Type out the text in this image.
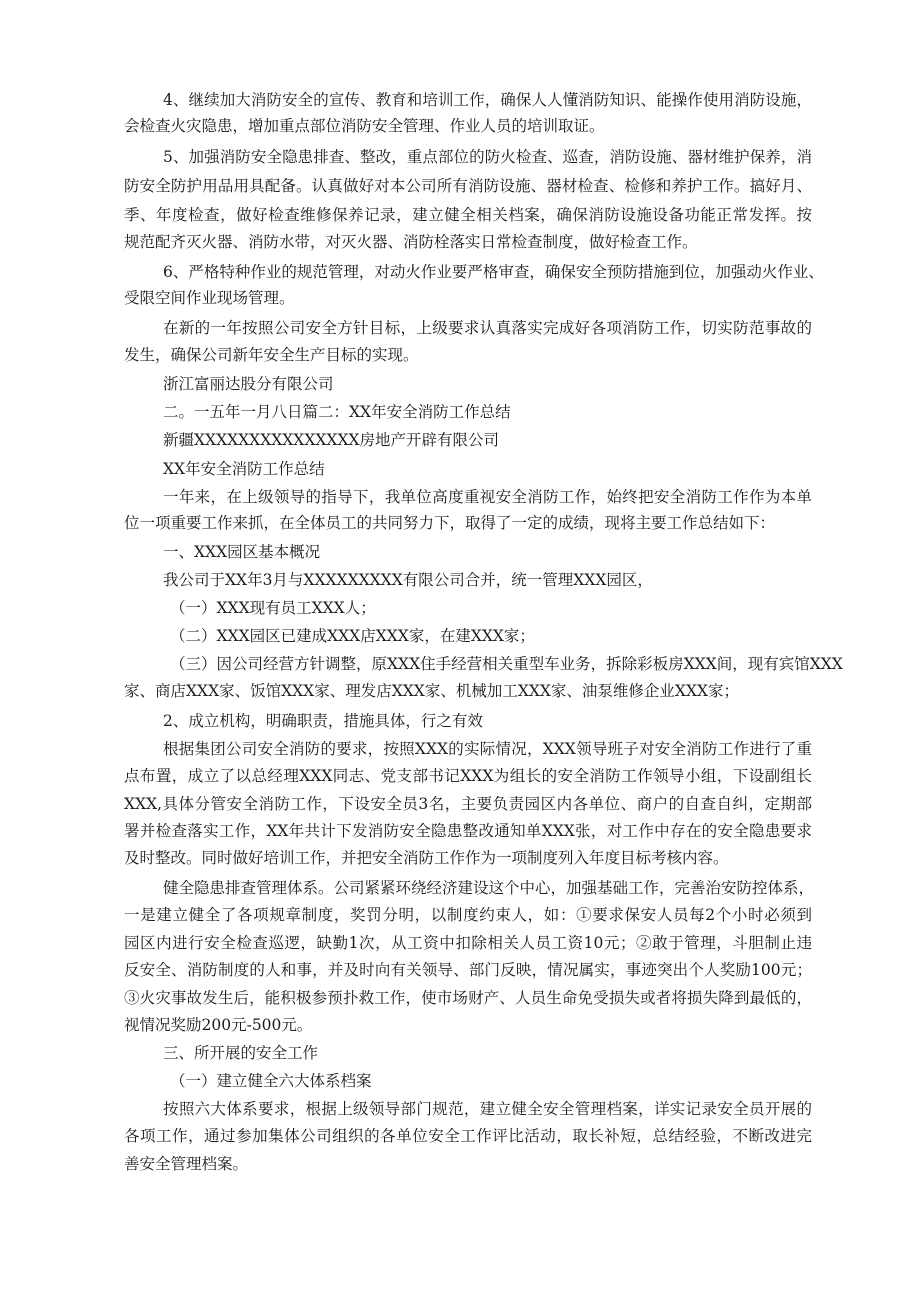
4、继续加大消防安全的宣传、教育和培训工作，确保人人懂消防知识、能操作使用消防设施，

会检查火灾隐患，增加重点部位消防安全管理、作业人员的培训取证。

5、加强消防安全隐患排查、整改，重点部位的防火检查、巡查，消防设施、器材维护保养，消

防安全防护用品用具配备。认真做好对本公司所有消防设施、器材检查、检修和养护工作。搞好月、

季、年度检查，做好检查维修保养记录，建立健全相关档案，确保消防设施设备功能正常发挥。按

规范配齐灭火器、消防水带，对灭火器、消防栓落实日常检查制度，做好检查工作。

6、严格特种作业的规范管理，对动火作业要严格审查，确保安全预防措施到位，加强动火作业、

受限空间作业现场管理。

在新的一年按照公司安全方针目标，上级要求认真落实完成好各项消防工作，切实防范事故的

发生，确保公司新年安全生产目标的实现。

浙江富丽达股分有限公司

二。一五年一月八日篇二：XX年安全消防工作总结

新疆XXXXXXXXXXXXXXX房地产开辟有限公司

XX年安全消防工作总结

一年来，在上级领导的指导下，我单位高度重视安全消防工作，始终把安全消防工作作为本单

位一项重要工作来抓，在全体员工的共同努力下，取得了一定的成绩，现将主要工作总结如下：

一、XXX园区基本概况

我公司于XX年3月与XXXXXXXXX有限公司合并，统一管理XXX园区，

（一）XXX现有员工XXX人；

（二）XXX园区已建成XXX店XXX家，在建XXX家；

（三）因公司经营方针调整，原XXX住手经营相关重型车业务，拆除彩板房XXX间，现有宾馆XXX

家、商店XXX家、饭馆XXX家、理发店XXX家、机械加工XXX家、油泵维修企业XXX家；

2、成立机构，明确职责，措施具体，行之有效

根据集团公司安全消防的要求，按照XXX的实际情况，XXX领导班子对安全消防工作进行了重

点布置，成立了以总经理XXX同志、党支部书记XXX为组长的安全消防工作领导小组，下设副组长

XXX,具体分管安全消防工作，下设安全员3名，主要负责园区内各单位、商户的自查自纠，定期部

署并检查落实工作，XX年共计下发消防安全隐患整改通知单XXX张，对工作中存在的安全隐患要求

及时整改。同时做好培训工作，并把安全消防工作作为一项制度列入年度目标考核内容。

健全隐患排查管理体系。公司紧紧环绕经济建设这个中心，加强基础工作，完善治安防控体系，

一是建立健全了各项规章制度，奖罚分明，以制度约束人，如：①要求保安人员每2个小时必须到

园区内进行安全检查巡逻，缺勤1次，从工资中扣除相关人员工资10元；②敢于管理，斗胆制止违

反安全、消防制度的人和事，并及时向有关领导、部门反映，情况属实，事迹突出个人奖励100元；

③火灾事故发生后，能积极参预扑救工作，使市场财产、人员生命免受损失或者将损失降到最低的，

视情况奖励200元-500元。

三、所开展的安全工作

（一）建立健全六大体系档案

按照六大体系要求，根据上级领导部门规范，建立健全安全管理档案，详实记录安全员开展的

各项工作，通过参加集体公司组织的各单位安全工作评比活动，取长补短，总结经验，不断改进完

善安全管理档案。
